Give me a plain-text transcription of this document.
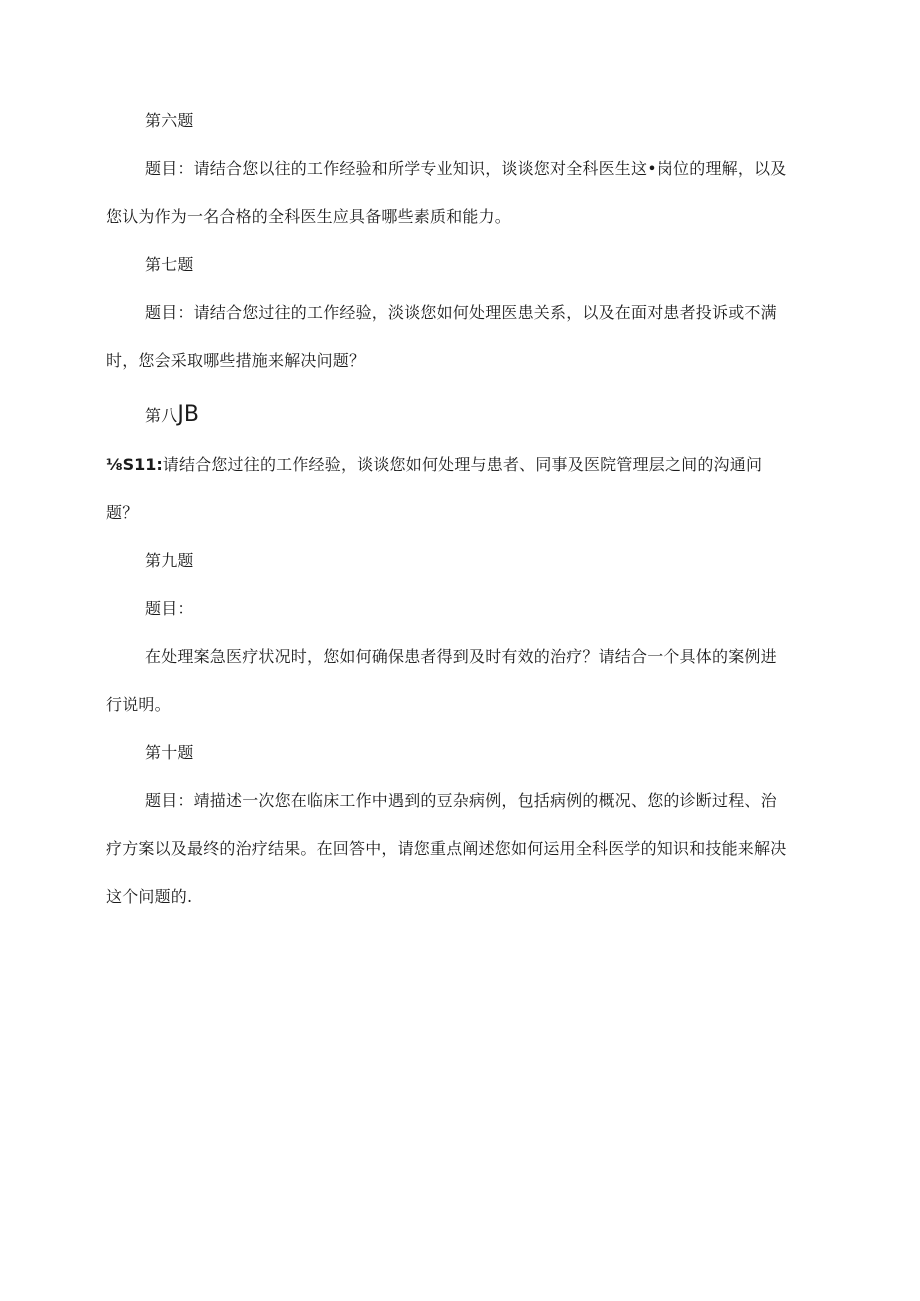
第六题
题目：请结合您以往的工作经验和所学专业知识，谈谈您对全科医生这•岗位的理解，以及
您认为作为一名合格的全科医生应具备哪些素质和能力。
第七题
题目：请结合您过往的工作经验，淡谈您如何处理医患关系，以及在面对患者投诉或不满
时，您会采取哪些措施来解决问题？
第八JB
⅛S11:请结合您过往的工作经验，谈谈您如何处理与患者、同事及医院管理层之间的沟通问
题？
第九题
题目：
在处理案急医疗状况时，您如何确保患者得到及时有效的治疗？请结合一个具体的案例进
行说明。
第十题
题目：靖描述一次您在临床工作中遇到的豆杂病例，包括病例的概况、您的诊断过程、治
疗方案以及最终的治疗结果。在回答中，请您重点阐述您如何运用全科医学的知识和技能来解决
这个问题的.
